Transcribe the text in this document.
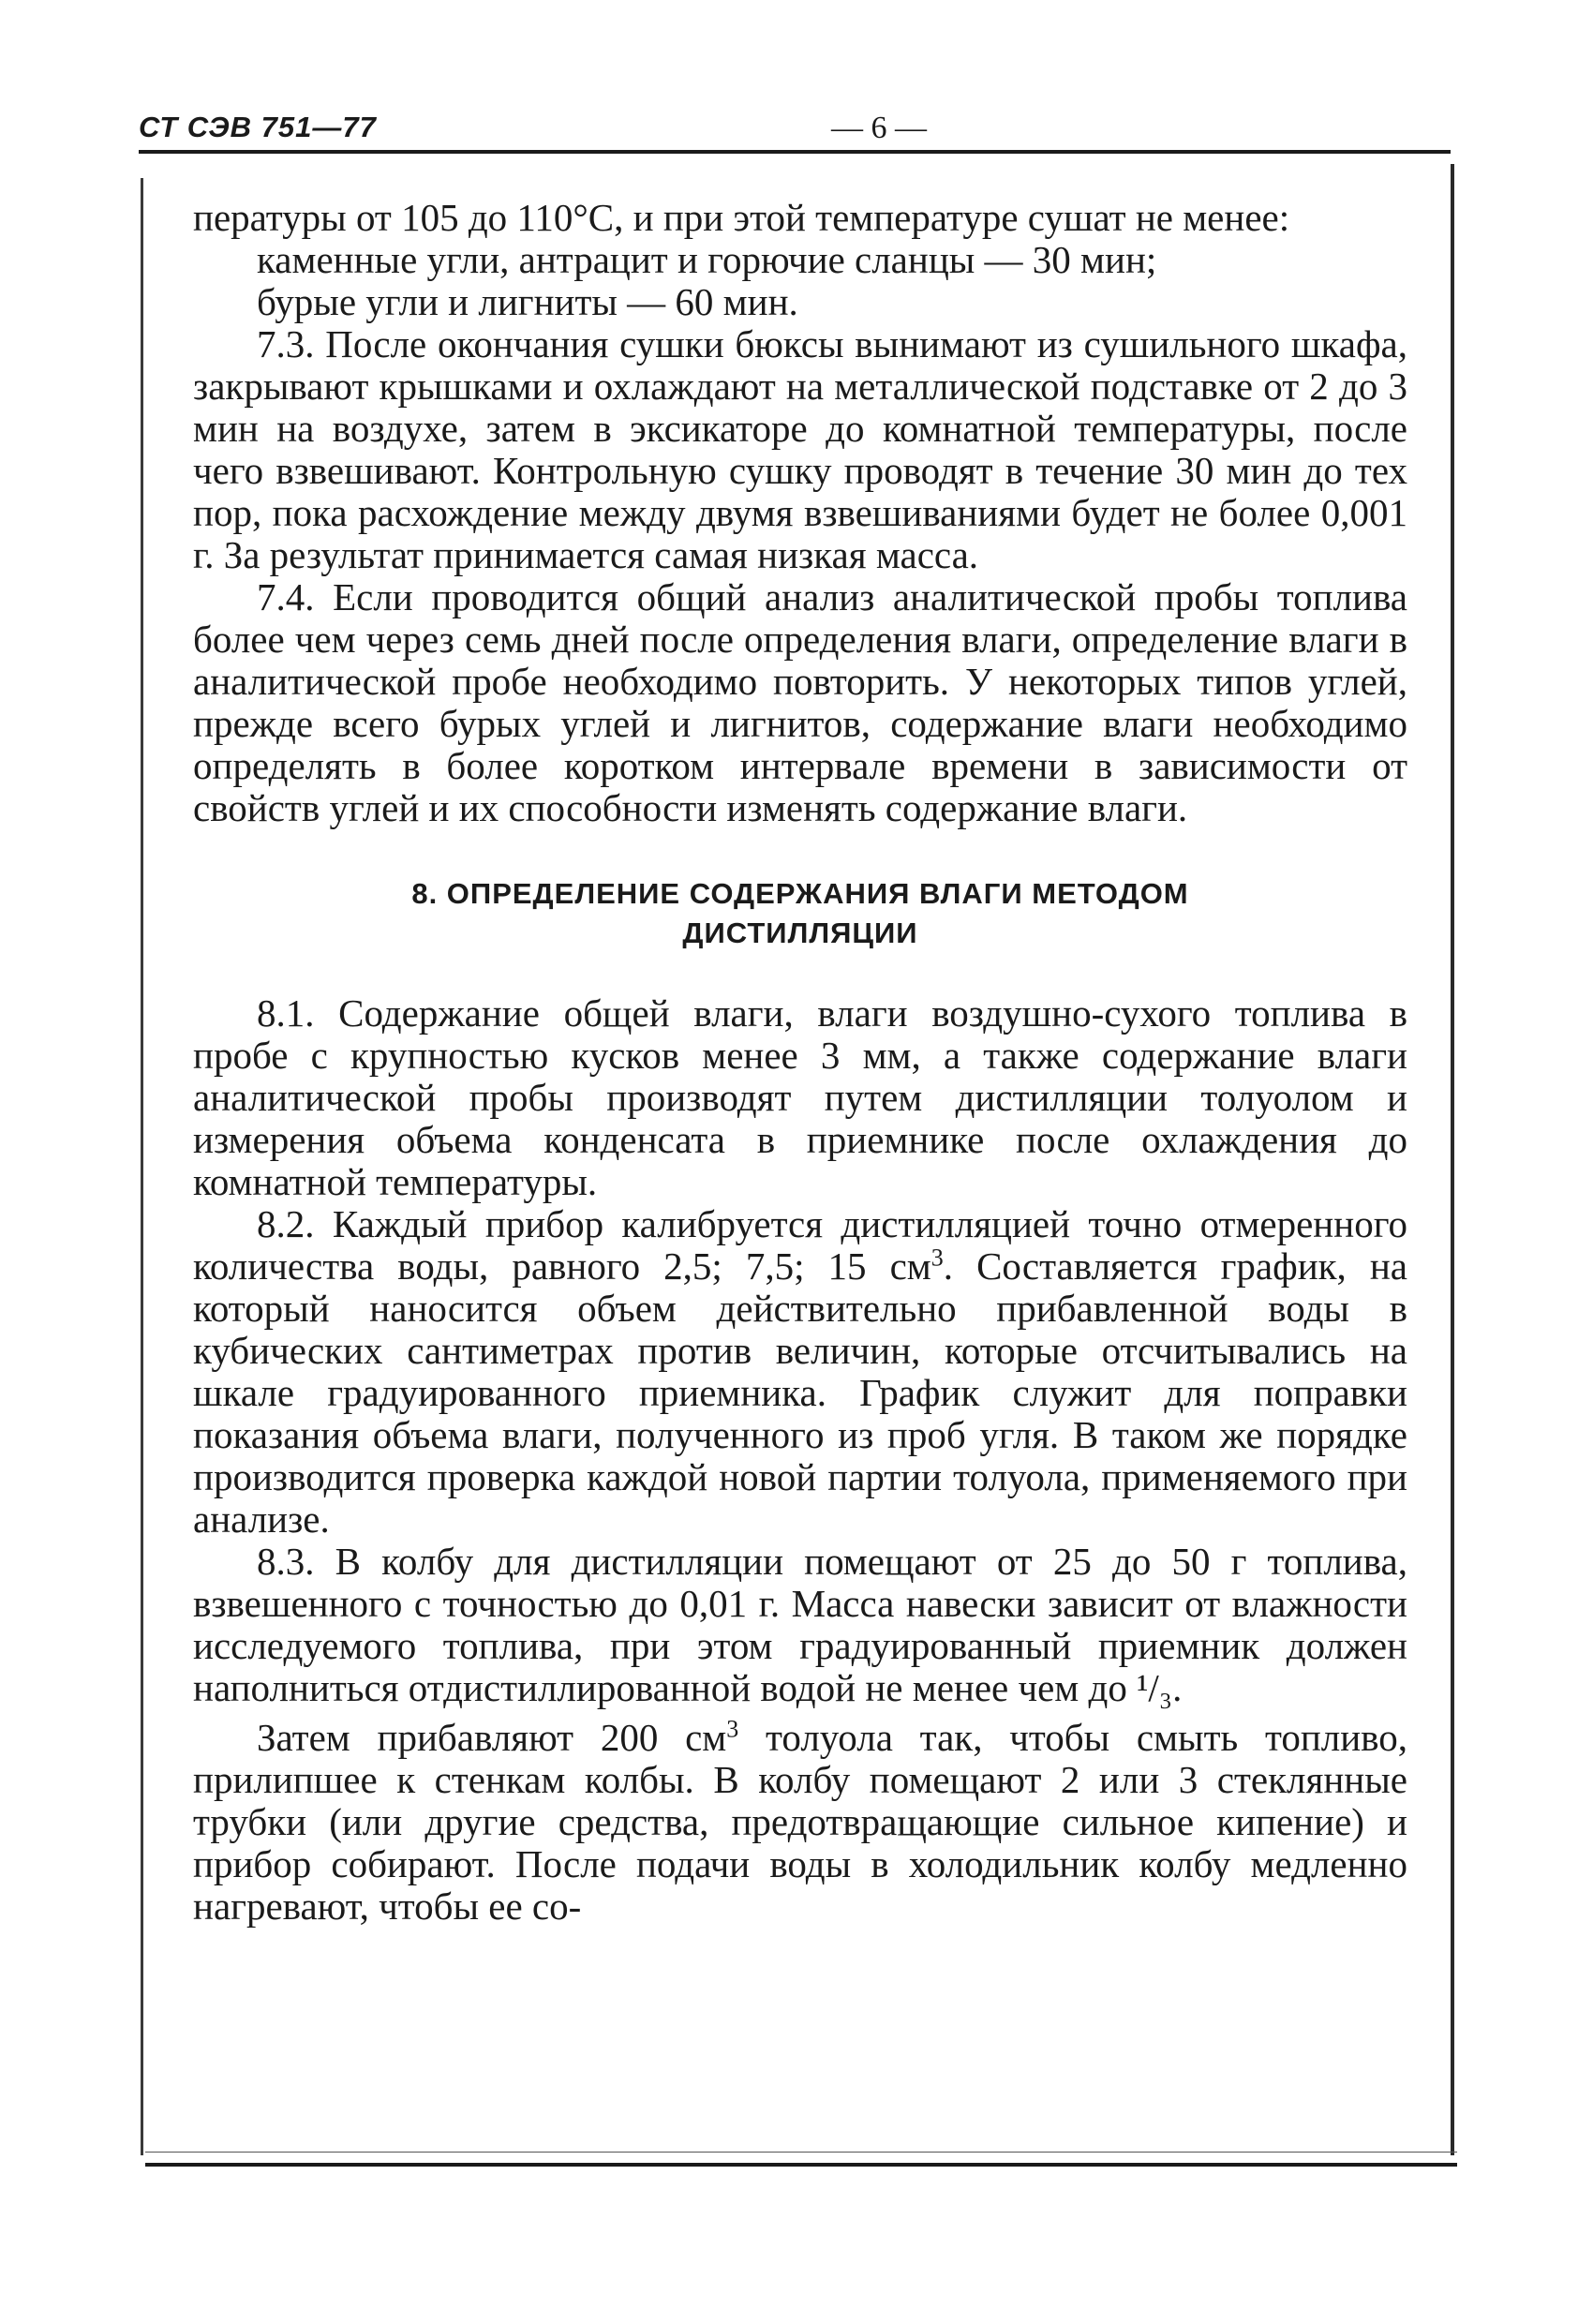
СТ СЭВ 751—77	— 6 —

пературы от 105 до 110°С, и при этой температуре сушат не менее:

каменные угли, антрацит и горючие сланцы — 30 мин;

бурые угли и лигниты — 60 мин.

7.3. После окончания сушки бюксы вынимают из сушильного шкафа, закрывают крышками и охлаждают на металлической подставке от 2 до 3 мин на воздухе, затем в эксикаторе до комнатной температуры, после чего взвешивают. Контрольную сушку проводят в течение 30 мин до тех пор, пока расхождение между двумя взвешиваниями будет не более 0,001 г. За результат принимается самая низкая масса.

7.4. Если проводится общий анализ аналитической пробы топлива более чем через семь дней после определения влаги, определение влаги в аналитической пробе необходимо повторить. У некоторых типов углей, прежде всего бурых углей и лигнитов, содержание влаги необходимо определять в более коротком интервале времени в зависимости от свойств углей и их способности изменять содержание влаги.

8. ОПРЕДЕЛЕНИЕ СОДЕРЖАНИЯ ВЛАГИ МЕТОДОМ
ДИСТИЛЛЯЦИИ

8.1. Содержание общей влаги, влаги воздушно-сухого топлива в пробе с крупностью кусков менее 3 мм, а также содержание влаги аналитической пробы производят путем дистилляции толуолом и измерения объема конденсата в приемнике после охлаждения до комнатной температуры.

8.2. Каждый прибор калибруется дистилляцией точно отмеренного количества воды, равного 2,5; 7,5; 15 $см^3$. Составляется график, на который наносится объем действительно прибавленной воды в кубических сантиметрах против величин, которые отсчитывались на шкале градуированного приемника. График служит для поправки показания объема влаги, полученного из проб угля. В таком же порядке производится проверка каждой новой партии толуола, применяемого при анализе.

8.3. В колбу для дистилляции помещают от 25 до 50 г топлива, взвешенного с точностью до 0,01 г. Масса навески зависит от влажности исследуемого топлива, при этом градуированный приемник должен наполниться отдистиллированной водой не менее чем до ¹/₃.

Затем прибавляют 200 $см^3$ толуола так, чтобы смыть топливо, прилипшее к стенкам колбы. В колбу помещают 2 или 3 стеклянные трубки (или другие средства, предотвращающие сильное кипение) и прибор собирают. После подачи воды в холодильник колбу медленно нагревают, чтобы ее со-
